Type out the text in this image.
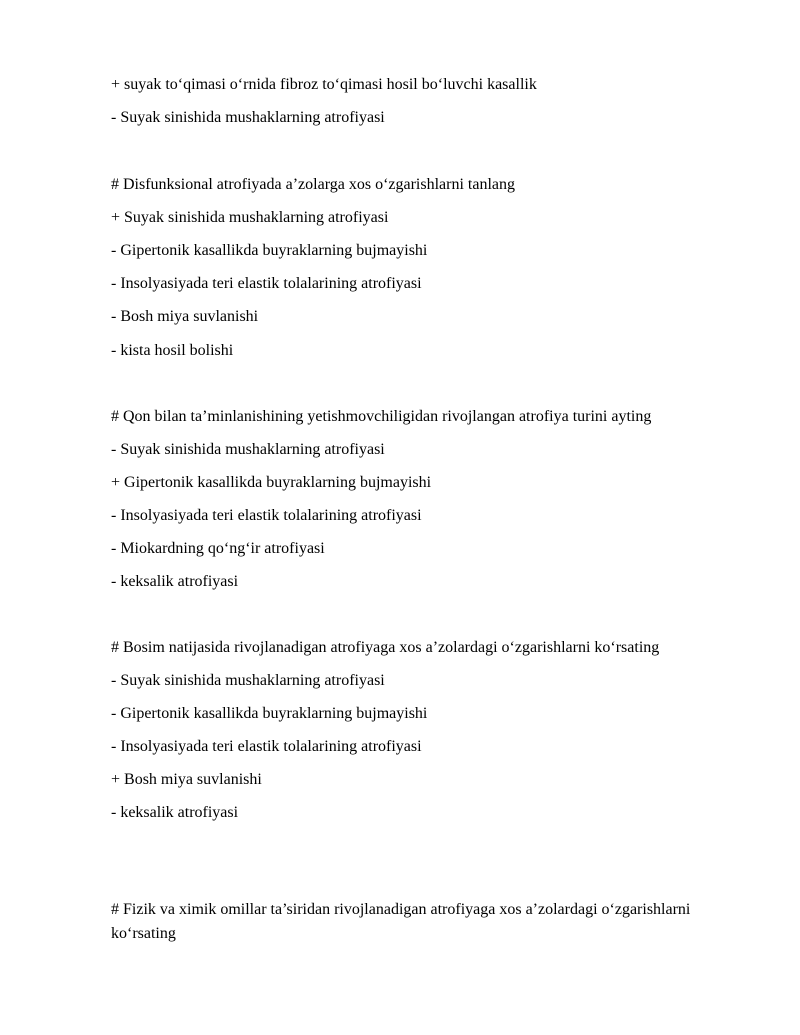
+ suyak to‘qimasi o‘rnida fibroz to‘qimasi hosil bo‘luvchi kasallik
- Suyak sinishida mushaklarning atrofiyasi
# Disfunksional atrofiyada a’zolarga xos o‘zgarishlarni tanlang
+ Suyak sinishida mushaklarning atrofiyasi
- Gipertonik kasallikda buyraklarning bujmayishi
- Insolyasiyada teri elastik tolalarining atrofiyasi
- Bosh miya suvlanishi
- kista hosil bolishi
# Qon bilan ta’minlanishining yetishmovchiligidan rivojlangan atrofiya turini ayting
- Suyak sinishida mushaklarning atrofiyasi
+ Gipertonik kasallikda buyraklarning bujmayishi
- Insolyasiyada teri elastik tolalarining atrofiyasi
- Miokardning qo‘ng‘ir atrofiyasi
- keksalik atrofiyasi
# Bosim natijasida rivojlanadigan atrofiyaga xos a’zolardagi o‘zgarishlarni ko‘rsating
- Suyak sinishida mushaklarning atrofiyasi
- Gipertonik kasallikda buyraklarning bujmayishi
- Insolyasiyada teri elastik tolalarining atrofiyasi
+ Bosh miya suvlanishi
- keksalik atrofiyasi
# Fizik va ximik omillar ta’siridan rivojlanadigan atrofiyaga xos a’zolardagi o‘zgarishlarni ko‘rsating
